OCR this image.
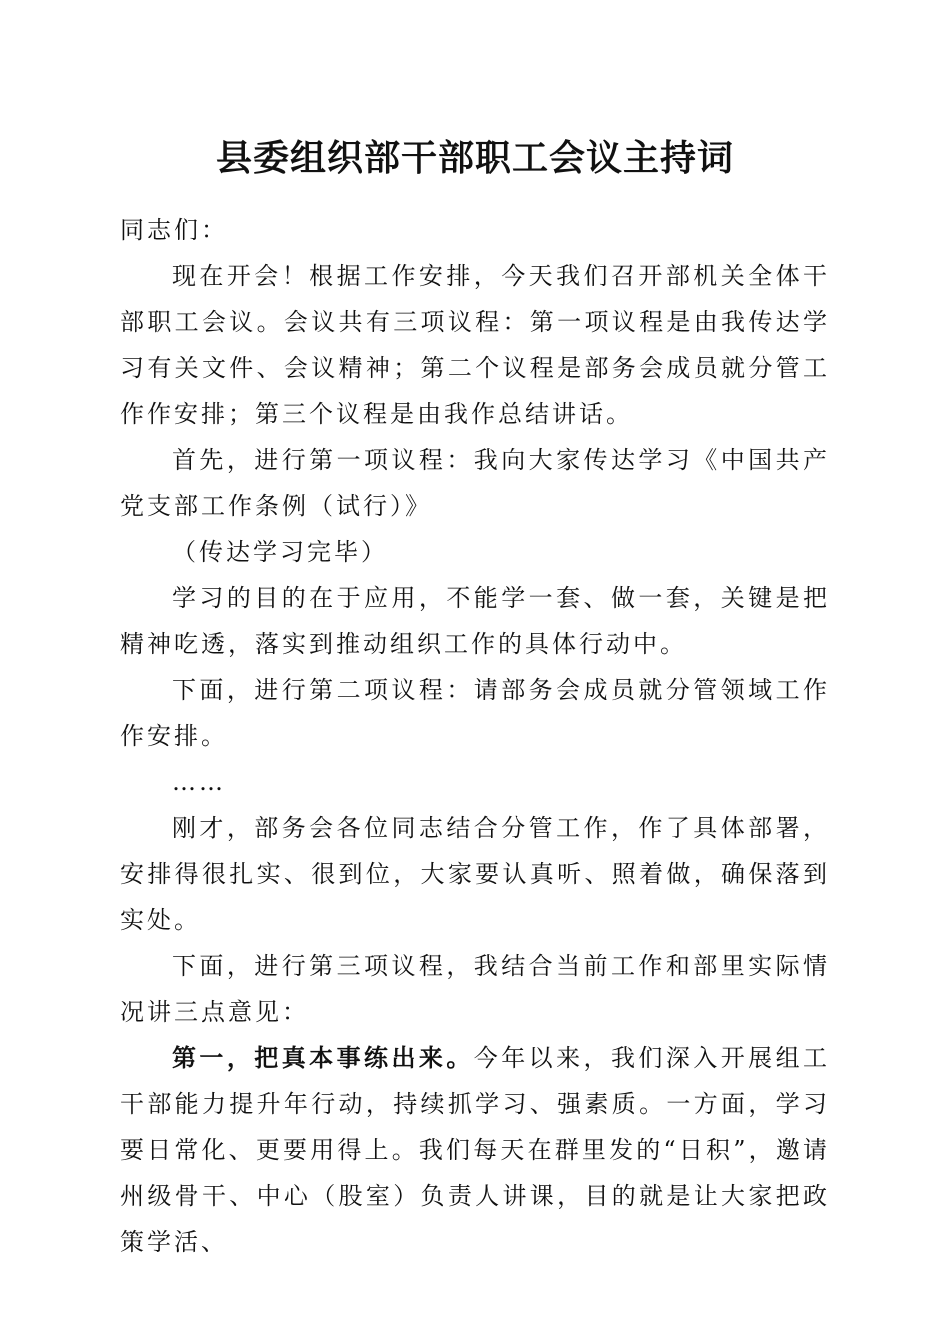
县委组织部干部职工会议主持词

同志们：

现在开会！根据工作安排，今天我们召开部机关全体干部职工会议。会议共有三项议程：第一项议程是由我传达学习有关文件、会议精神；第二个议程是部务会成员就分管工作作安排；第三个议程是由我作总结讲话。

首先，进行第一项议程：我向大家传达学习《中国共产党支部工作条例（试行）》

（传达学习完毕）

学习的目的在于应用，不能学一套、做一套，关键是把精神吃透，落实到推动组织工作的具体行动中。

下面，进行第二项议程：请部务会成员就分管领域工作作安排。

……

刚才，部务会各位同志结合分管工作，作了具体部署，安排得很扎实、很到位，大家要认真听、照着做，确保落到实处。

下面，进行第三项议程，我结合当前工作和部里实际情况讲三点意见：

第一，把真本事练出来。今年以来，我们深入开展组工干部能力提升年行动，持续抓学习、强素质。一方面，学习要日常化、更要用得上。我们每天在群里发的“日积”，邀请州级骨干、中心（股室）负责人讲课，目的就是让大家把政策学活、
